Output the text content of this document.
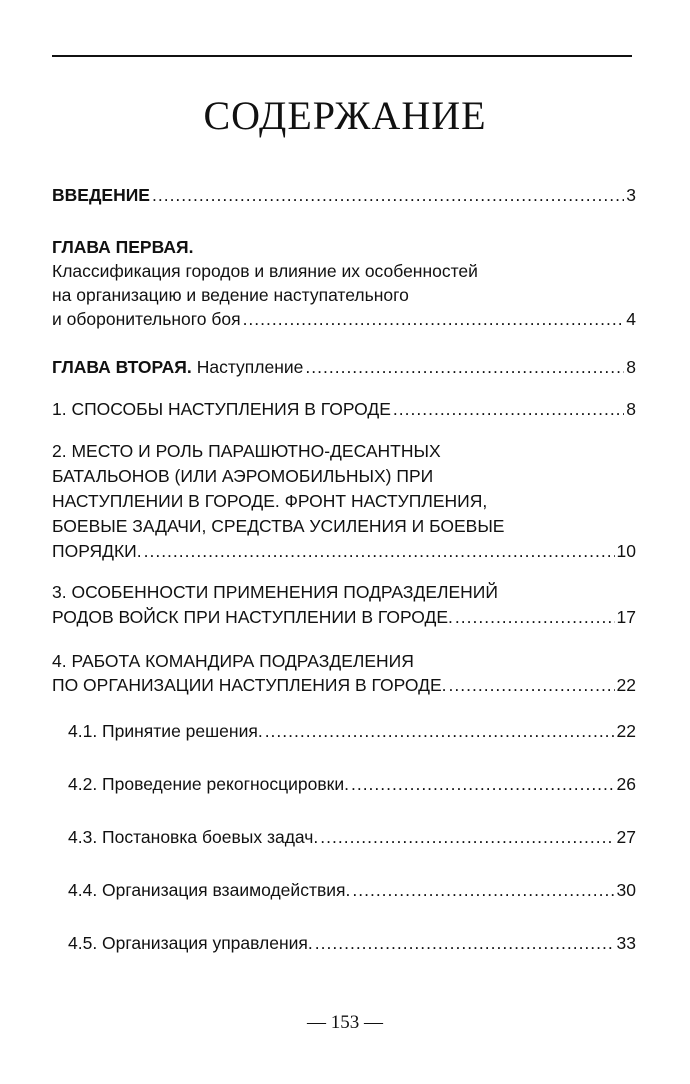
СОДЕРЖАНИЕ
ВВЕДЕНИЕ .....	3
ГЛАВА ПЕРВАЯ.
Классификация городов и влияние их особенностей
на организацию и ведение наступательного
и оборонительного боя .....	4
ГЛАВА ВТОРАЯ. Наступление .....	8
1. СПОСОБЫ НАСТУПЛЕНИЯ В ГОРОДЕ .....	8
2. МЕСТО И РОЛЬ ПАРАШЮТНО-ДЕСАНТНЫХ
БАТАЛЬОНОВ (ИЛИ АЭРОМОБИЛЬНЫХ) ПРИ
НАСТУПЛЕНИИ В ГОРОДЕ. ФРОНТ НАСТУПЛЕНИЯ,
БОЕВЫЕ ЗАДАЧИ, СРЕДСТВА УСИЛЕНИЯ И БОЕВЫЕ
ПОРЯДКИ. .....	10
3. ОСОБЕННОСТИ ПРИМЕНЕНИЯ ПОДРАЗДЕЛЕНИЙ
РОДОВ ВОЙСК ПРИ НАСТУПЛЕНИИ В ГОРОДЕ. .....	17
4. РАБОТА КОМАНДИРА ПОДРАЗДЕЛЕНИЯ
ПО ОРГАНИЗАЦИИ НАСТУПЛЕНИЯ В ГОРОДЕ. .....	22
4.1. Принятие решения. .....	22
4.2. Проведение рекогносцировки. .....	26
4.3. Постановка боевых задач. .....	27
4.4. Организация взаимодействия. .....	30
4.5. Организация управления. .....	33
— 153 —
